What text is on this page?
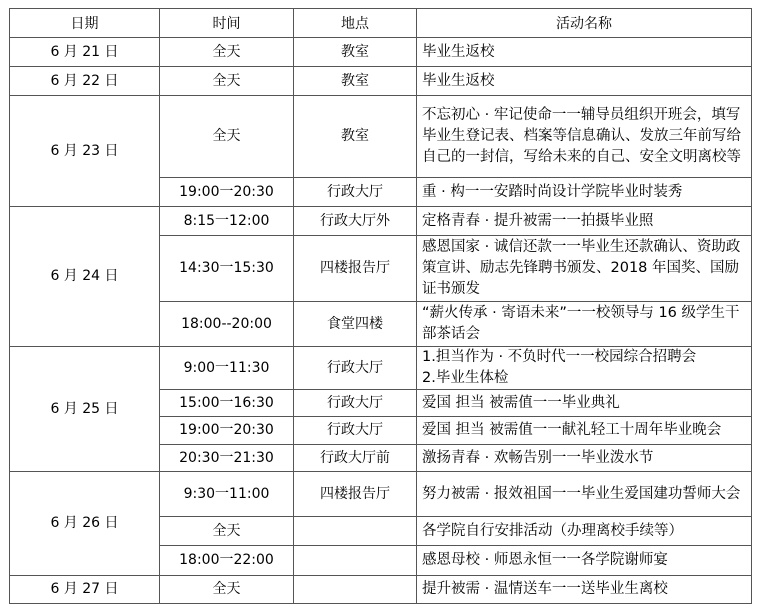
日期	时间	地点	活动名称
6 月 21 日	全天	教室	毕业生返校
6 月 22 日	全天	教室	毕业生返校
6 月 23 日	全天	教室	不忘初心 · 牢记使命一一辅导员组织开班会，填写毕业生登记表、档案等信息确认、发放三年前写给自己的一封信，写给未来的自己、安全文明离校等
	19:00一20:30	行政大厅	重 · 构一一安踏时尚设计学院毕业时装秀
6 月 24 日	8:15一12:00	行政大厅外	定格青春 · 提升被需一一拍摄毕业照
	14:30一15:30	四楼报告厅	感恩国家 · 诚信还款一一毕业生还款确认、资助政策宣讲、励志先锋聘书颁发、2018 年国奖、国励证书颁发
	18:00--20:00	食堂四楼	“薪火传承 · 寄语未来”一一校领导与 16 级学生干部茶话会
6 月 25 日	9:00一11:30	行政大厅	1.担当作为 · 不负时代一一校园综合招聘会
2.毕业生体检
	15:00一16:30	行政大厅	爱国 担当 被需值一一毕业典礼
	19:00一20:30	行政大厅	爱国 担当 被需值一一献礼轻工十周年毕业晚会
	20:30一21:30	行政大厅前	激扬青春 · 欢畅告别一一毕业泼水节
6 月 26 日	9:30一11:00	四楼报告厅	努力被需 · 报效祖国一一毕业生爱国建功誓师大会
	全天		各学院自行安排活动（办理离校手续等）
	18:00一22:00		感恩母校 · 师恩永恒一一各学院谢师宴
6 月 27 日	全天		提升被需 · 温情送车一一送毕业生离校
